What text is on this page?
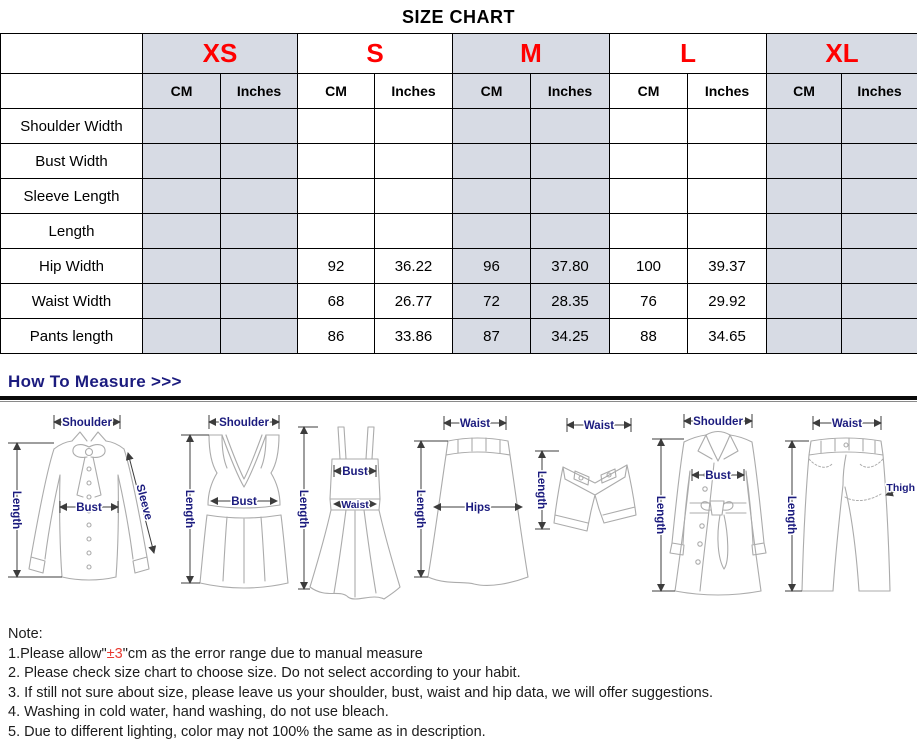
SIZE CHART
	XS		S		M		L		XL	
	CM	Inches	CM	Inches	CM	Inches	CM	Inches	CM	Inches
Shoulder Width										
Bust Width										
Sleeve Length										
Length										
Hip Width			92	36.22	96	37.80	100	39.37		
Waist Width			68	26.77	72	28.35	76	29.92		
Pants length			86	33.86	87	34.25	88	34.65		
How To Measure >>>
Shoulder
Bust
Length	Sleeve
Shoulder
Bust
Length
Bust
Waist
Length
Waist
Hips
Length
Waist
Length
Shoulder
Bust
Length
Waist
Thigh
Length
Note:
1.Please allow"±3"cm as the error range due to manual measure
2. Please check size chart to choose size. Do not select according to your habit.
3. If still not sure about size, please leave us your shoulder, bust, waist and hip data, we will offer suggestions.
4. Washing in cold water, hand washing, do not use bleach.
5. Due to different lighting, color may not 100% the same as in description.
